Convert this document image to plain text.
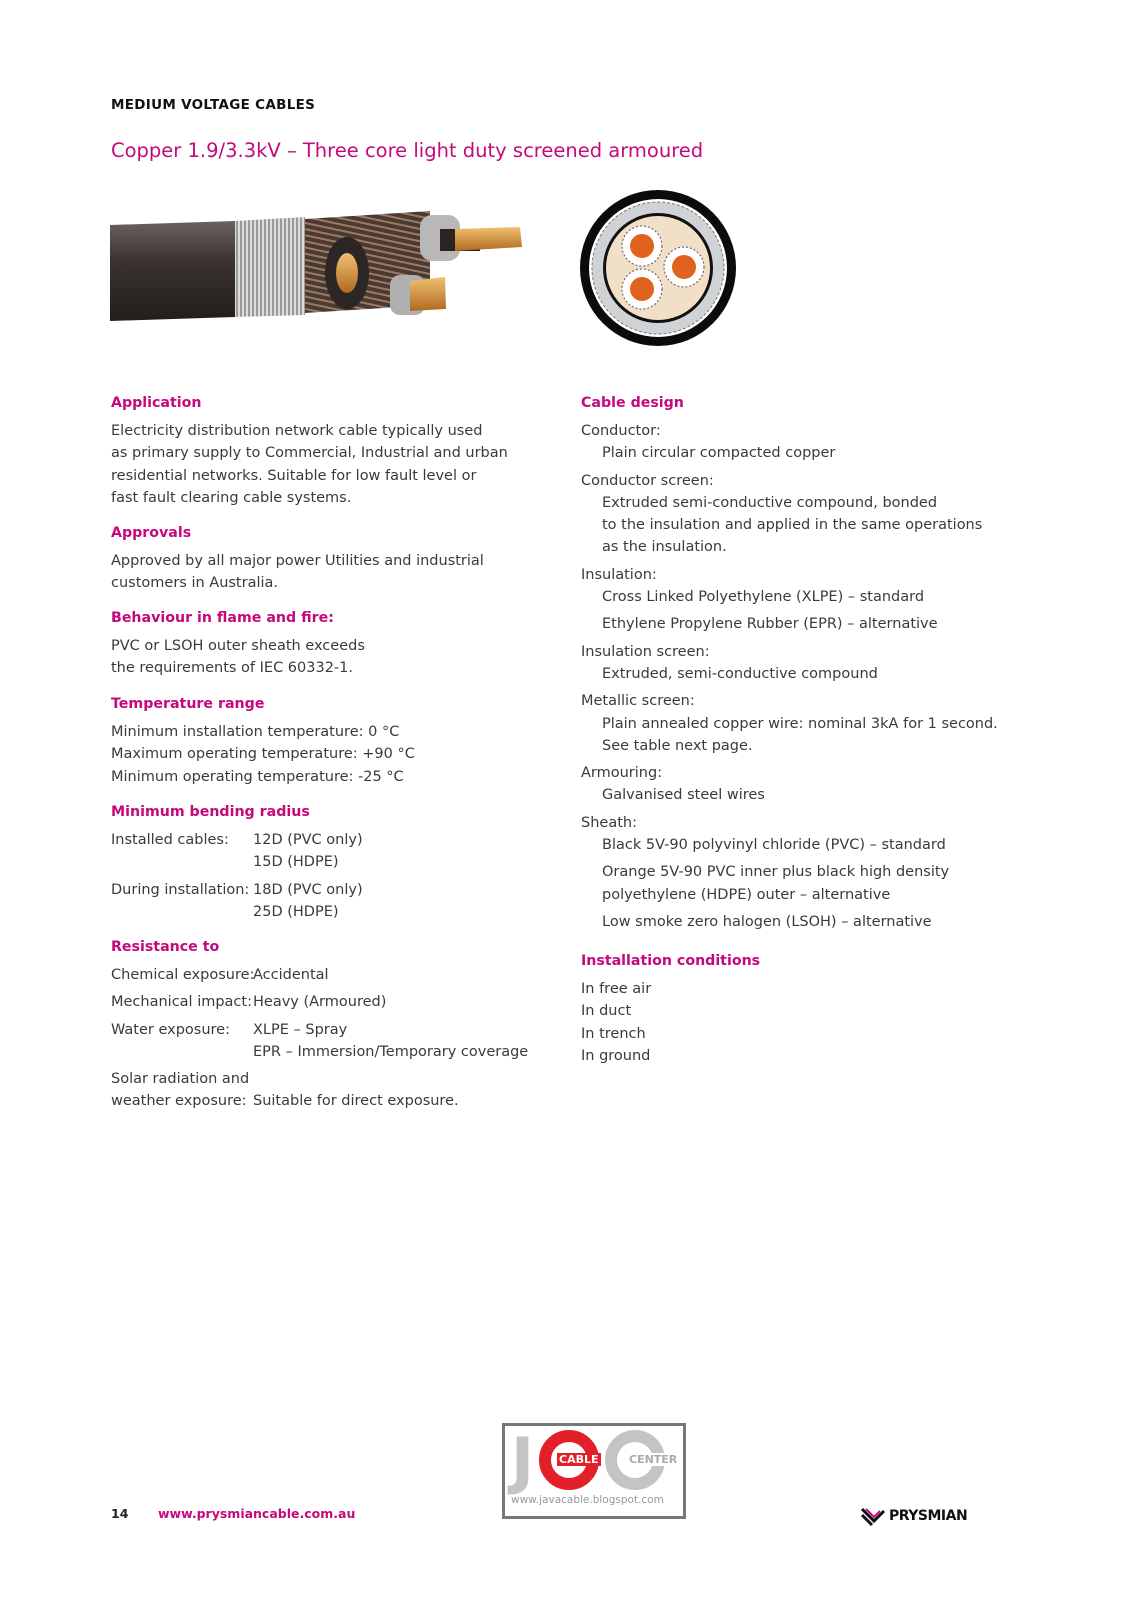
MEDIUM VOLTAGE CABLES
Copper 1.9/3.3kV – Three core light duty screened armoured
Application
Electricity distribution network cable typically used
as primary supply to Commercial, Industrial and urban
residential networks. Suitable for low fault level or
fast fault clearing cable systems.
Approvals
Approved by all major power Utilities and industrial
customers in Australia.
Behaviour in flame and fire:
PVC or LSOH outer sheath exceeds
the requirements of IEC 60332-1.
Temperature range
Minimum installation temperature: 0 °C
Maximum operating temperature: +90 °C
Minimum operating temperature: -25 °C
Minimum bending radius
Installed cables:	12D (PVC only)
15D (HDPE)
During installation: 18D (PVC only)
25D (HDPE)
Resistance to
Chemical exposure:
Accidental
Mechanical impact: Heavy (Armoured)
Water exposure:	XLPE – Spray
EPR – Immersion/Temporary coverage
Solar radiation and
weather exposure:
Suitable for direct exposure.
Cable design
Conductor:
Plain circular compacted copper
Conductor screen:
Extruded semi-conductive compound, bonded
to the insulation and applied in the same operations
as the insulation.
Insulation:
Cross Linked Polyethylene (XLPE) – standard
Ethylene Propylene Rubber (EPR) – alternative
Insulation screen:
Extruded, semi-conductive compound
Metallic screen:
Plain annealed copper wire: nominal 3kA for 1 second.
See table next page.
Armouring:
Galvanised steel wires
Sheath:
Black 5V-90 polyvinyl chloride (PVC) – standard
Orange 5V-90 PVC inner plus black high density
polyethylene (HDPE) outer – alternative
Low smoke zero halogen (LSOH) – alternative
Installation conditions
In free air
In duct
In trench
In ground
14 www.prysmiancable.com.au
J CABLE	CENTER
www.javacable.blogspot.com
PRYSMIAN
